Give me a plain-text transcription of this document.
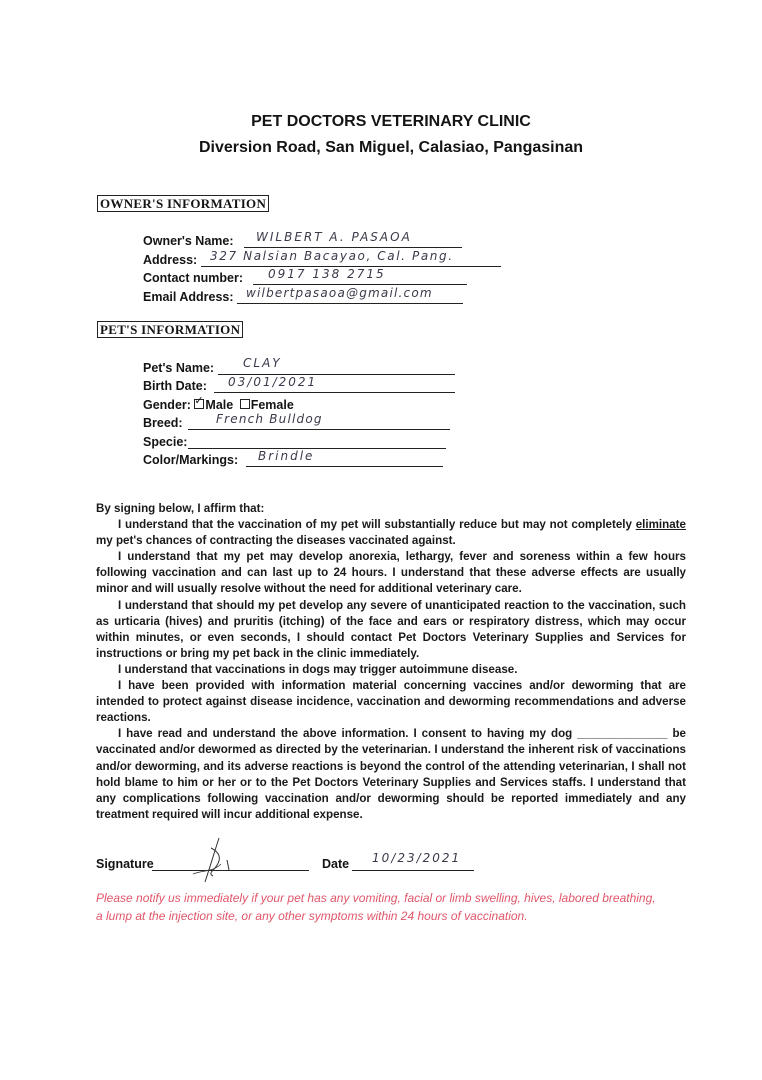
PET DOCTORS VETERINARY CLINIC
Diversion Road, San Miguel, Calasiao, Pangasinan
OWNER'S INFORMATION
Owner's Name: WILBERT A. PASAOA
Address: 327 Nalsian Bacayao, Cal. Pang.
Contact number: 0917 138 2715
Email Address: wilbertpasaoa@gmail.com
PET'S INFORMATION
Pet's Name: CLAY
Birth Date: 03/01/2021
Gender: ✓ Male Female
Breed:	French Bulldog
Specie:
Color/Markings: Brindle

By signing below, I affirm that:

I understand that the vaccination of my pet will substantially reduce but may not completely eliminate my pet's chances of contracting the diseases vaccinated against.

I understand that my pet may develop anorexia, lethargy, fever and soreness within a few hours following vaccination and can last up to 24 hours. I understand that these adverse effects are usually minor and will usually resolve without the need for additional veterinary care.

I understand that should my pet develop any severe of unanticipated reaction to the vaccination, such as urticaria (hives) and pruritis (itching) of the face and ears or respiratory distress, which may occur within minutes, or even seconds, I should contact Pet Doctors Veterinary Supplies and Services for instructions or bring my pet back in the clinic immediately.

I understand that vaccinations in dogs may trigger autoimmune disease.

I have been provided with information material concerning vaccines and/or deworming that are intended to protect against disease incidence, vaccination and deworming recommendations and adverse reactions.

I have read and understand the above information. I consent to having my dog ______________ be vaccinated and/or dewormed as directed by the veterinarian. I understand the inherent risk of vaccinations and/or deworming, and its adverse reactions is beyond the control of the attending veterinarian, I shall not hold blame to him or her or to the Pet Doctors Veterinary Supplies and Services staffs. I understand that any complications following vaccination and/or deworming should be reported immediately and any treatment required will incur additional expense.

Signature	Date 10/23/2021
Please notify us immediately if your pet has any vomiting, facial or limb swelling, hives, labored breathing, a lump at the injection site, or any other symptoms within 24 hours of vaccination.
